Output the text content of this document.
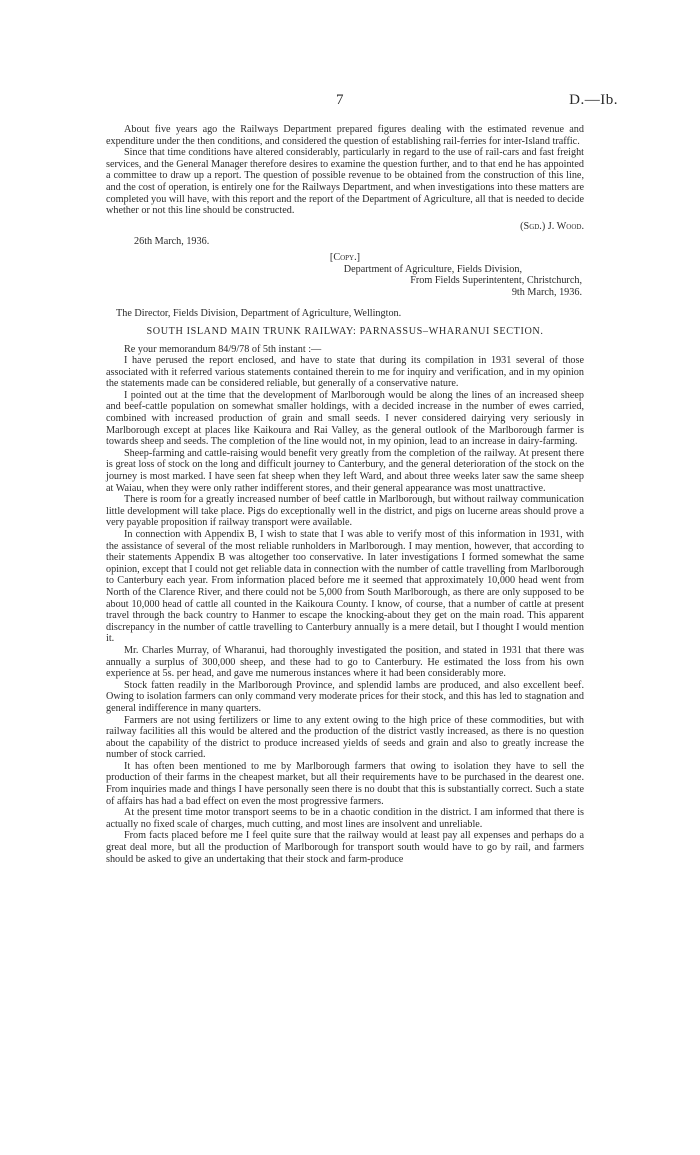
7	D.—Ib.

About five years ago the Railways Department prepared figures dealing with the estimated revenue and expenditure under the then conditions, and considered the question of establishing rail-ferries for inter-Island traffic.

Since that time conditions have altered considerably, particularly in regard to the use of rail-cars and fast freight services, and the General Manager therefore desires to examine the question further, and to that end he has appointed a committee to draw up a report. The question of possible revenue to be obtained from the construction of this line, and the cost of operation, is entirely one for the Railways Department, and when investigations into these matters are completed you will have, with this report and the report of the Department of Agriculture, all that is needed to decide whether or not this line should be constructed.

(Sgd.) J. Wood.

26th March, 1936.

[Copy.]

Department of Agriculture, Fields Division,
From Fields Superintentent, Christchurch,
9th March, 1936.

The Director, Fields Division, Department of Agriculture, Wellington.

SOUTH ISLAND MAIN TRUNK RAILWAY: PARNASSUS–WHARANUI SECTION.

Re your memorandum 84/9/78 of 5th instant :—

I have perused the report enclosed, and have to state that during its compilation in 1931 several of those associated with it referred various statements contained therein to me for inquiry and verification, and in my opinion the statements made can be considered reliable, but generally of a conservative nature.

I pointed out at the time that the development of Marlborough would be along the lines of an increased sheep and beef-cattle population on somewhat smaller holdings, with a decided increase in the number of ewes carried, combined with increased production of grain and small seeds. I never considered dairying very seriously in Marlborough except at places like Kaikoura and Rai Valley, as the general outlook of the Marlborough farmer is towards sheep and seeds. The completion of the line would not, in my opinion, lead to an increase in dairy-farming.

Sheep-farming and cattle-raising would benefit very greatly from the completion of the railway. At present there is great loss of stock on the long and difficult journey to Canterbury, and the general deterioration of the stock on the journey is most marked. I have seen fat sheep when they left Ward, and about three weeks later saw the same sheep at Waiau, when they were only rather indifferent stores, and their general appearance was most unattractive.

There is room for a greatly increased number of beef cattle in Marlborough, but without railway communication little development will take place. Pigs do exceptionally well in the district, and pigs on lucerne areas should prove a very payable proposition if railway transport were available.

In connection with Appendix B, I wish to state that I was able to verify most of this information in 1931, with the assistance of several of the most reliable runholders in Marlborough. I may mention, however, that according to their statements Appendix B was altogether too conservative. In later investigations I formed somewhat the same opinion, except that I could not get reliable data in connection with the number of cattle travelling from Marlborough to Canterbury each year. From information placed before me it seemed that approximately 10,000 head went from North of the Clarence River, and there could not be 5,000 from South Marlborough, as there are only supposed to be about 10,000 head of cattle all counted in the Kaikoura County. I know, of course, that a number of cattle at present travel through the back country to Hanmer to escape the knocking-about they get on the main road. This apparent discrepancy in the number of cattle travelling to Canterbury annually is a mere detail, but I thought I would mention it.

Mr. Charles Murray, of Wharanui, had thoroughly investigated the position, and stated in 1931 that there was annually a surplus of 300,000 sheep, and these had to go to Canterbury. He estimated the loss from his own experience at 5s. per head, and gave me numerous instances where it had been considerably more.

Stock fatten readily in the Marlborough Province, and splendid lambs are produced, and also excellent beef. Owing to isolation farmers can only command very moderate prices for their stock, and this has led to stagnation and general indifference in many quarters.

Farmers are not using fertilizers or lime to any extent owing to the high price of these commodities, but with railway facilities all this would be altered and the production of the district vastly increased, as there is no question about the capability of the district to produce increased yields of seeds and grain and also to greatly increase the number of stock carried.

It has often been mentioned to me by Marlborough farmers that owing to isolation they have to sell the production of their farms in the cheapest market, but all their requirements have to be purchased in the dearest one. From inquiries made and things I have personally seen there is no doubt that this is substantially correct. Such a state of affairs has had a bad effect on even the most progressive farmers.

At the present time motor transport seems to be in a chaotic condition in the district. I am informed that there is actually no fixed scale of charges, much cutting, and most lines are insolvent and unreliable.

From facts placed before me I feel quite sure that the railway would at least pay all expenses and perhaps do a great deal more, but all the production of Marlborough for transport south would have to go by rail, and farmers should be asked to give an undertaking that their stock and farm-produce
